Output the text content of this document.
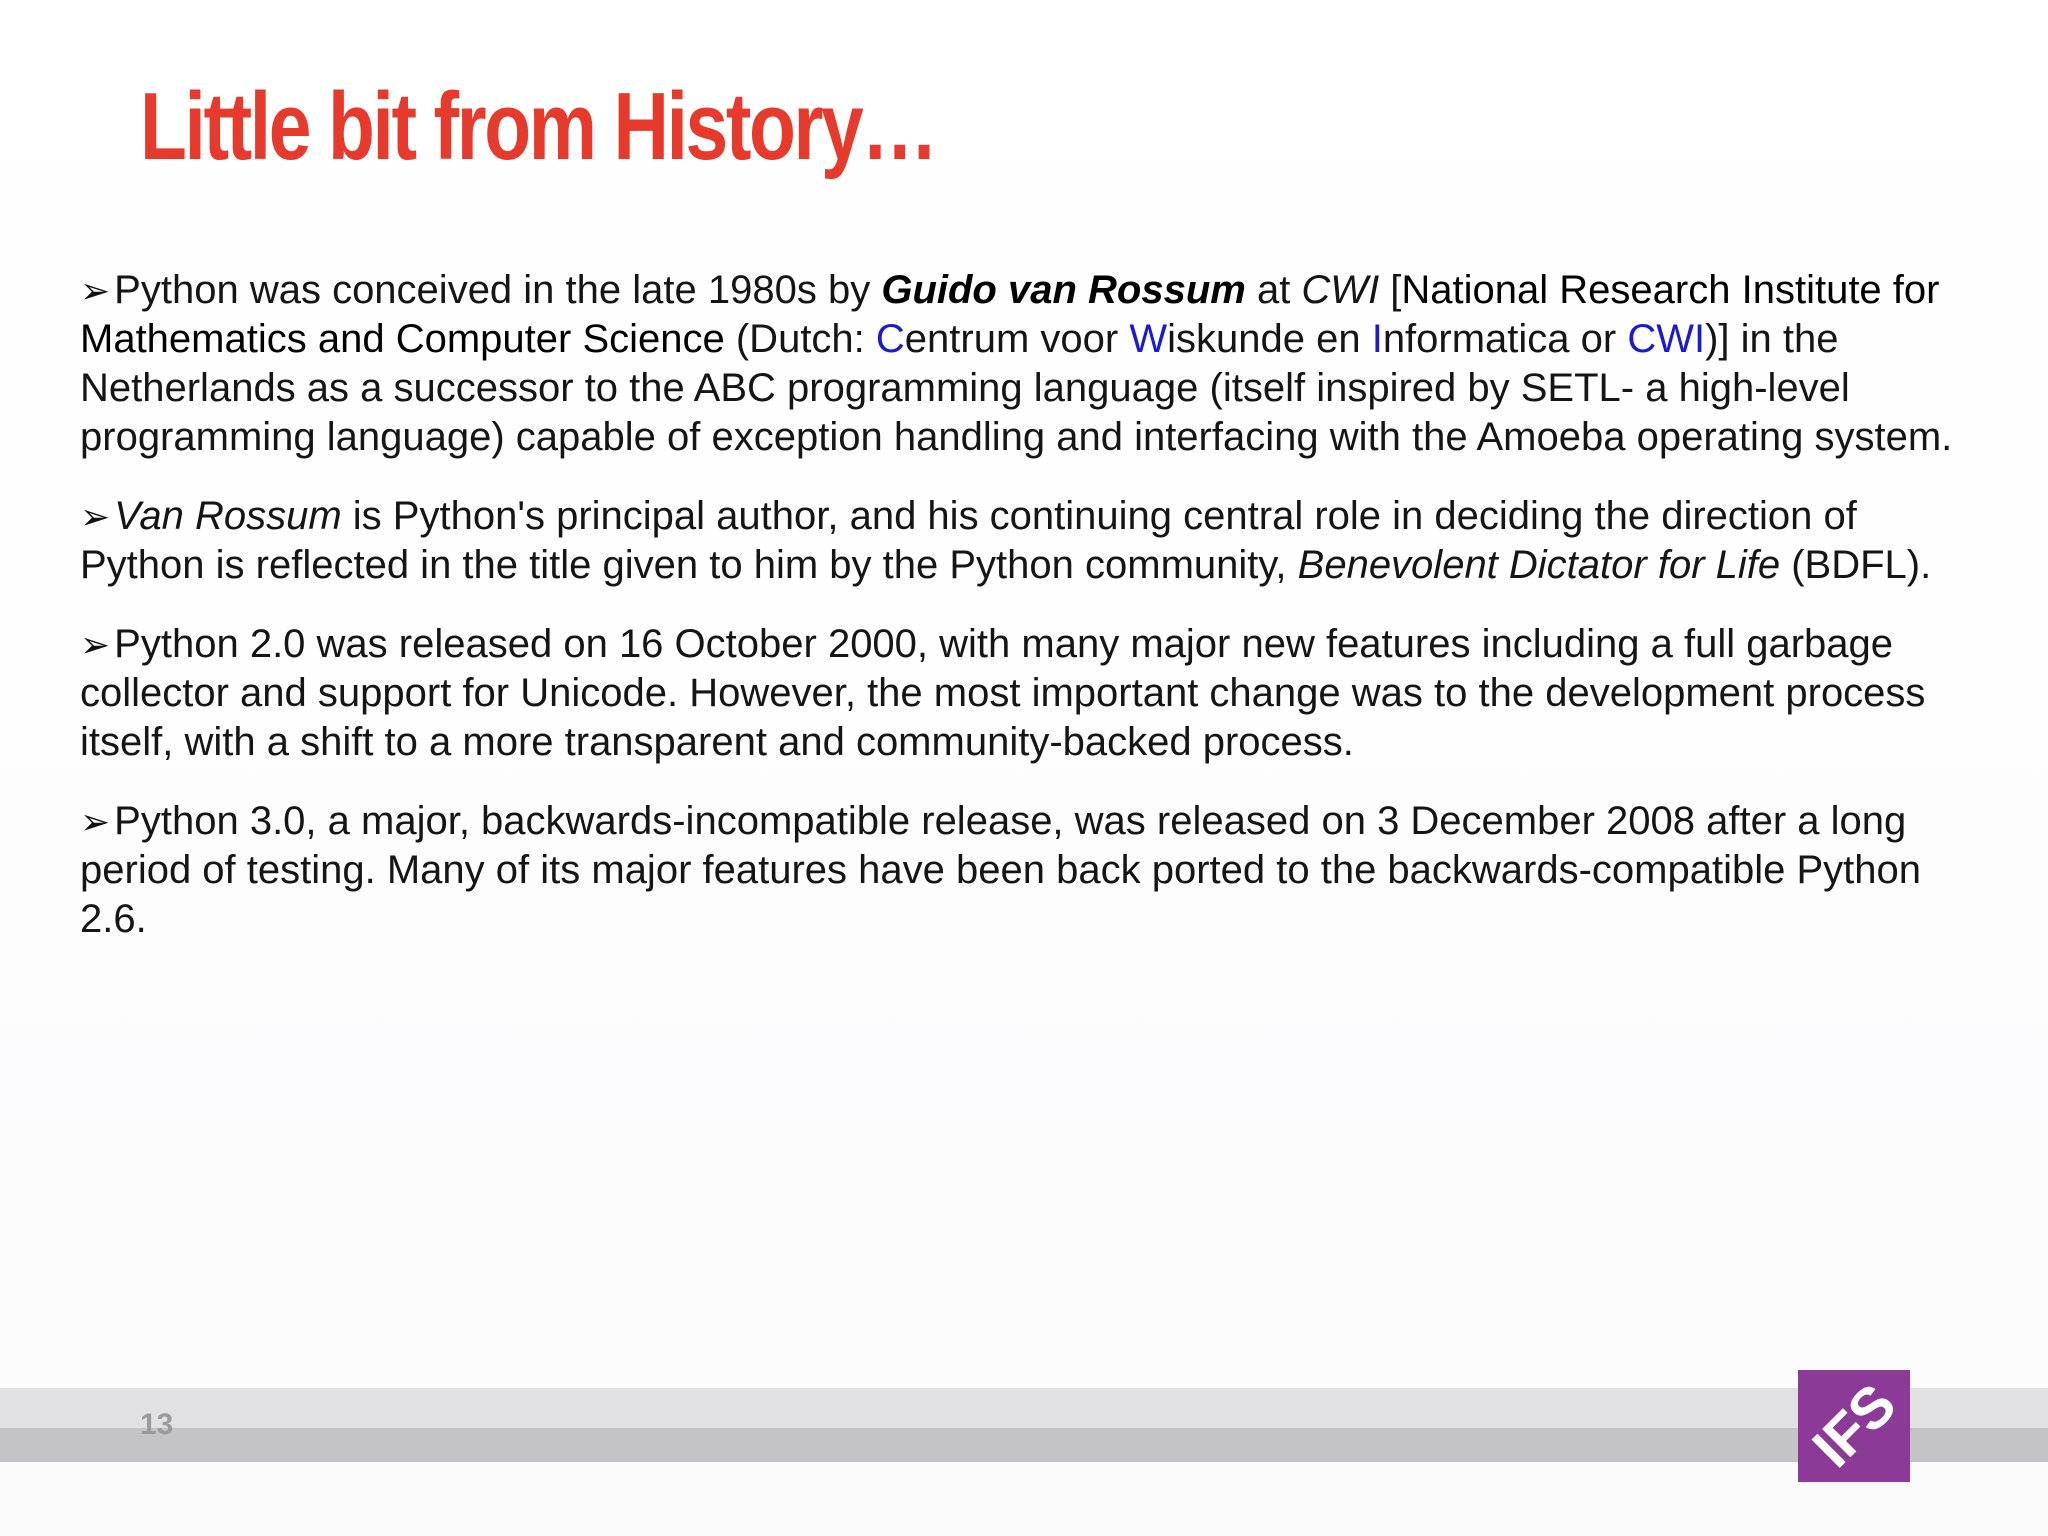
Little bit from History…

➢ Python was conceived in the late 1980s by Guido van Rossum at CWI [National Research Institute for Mathematics and Computer Science (Dutch: Centrum voor Wiskunde en Informatica or CWI)] in the Netherlands as a successor to the ABC programming language (itself inspired by SETL- a high-level programming language) capable of exception handling and interfacing with the Amoeba operating system.

➢ Van Rossum is Python's principal author, and his continuing central role in deciding the direction of Python is reflected in the title given to him by the Python community, Benevolent Dictator for Life (BDFL).

➢ Python 2.0 was released on 16 October 2000, with many major new features including a full garbage collector and support for Unicode. However, the most important change was to the development process itself, with a shift to a more transparent and community-backed process.

➢ Python 3.0, a major, backwards-incompatible release, was released on 3 December 2008 after a long period of testing. Many of its major features have been back ported to the backwards-compatible Python 2.6.

13	IFS
